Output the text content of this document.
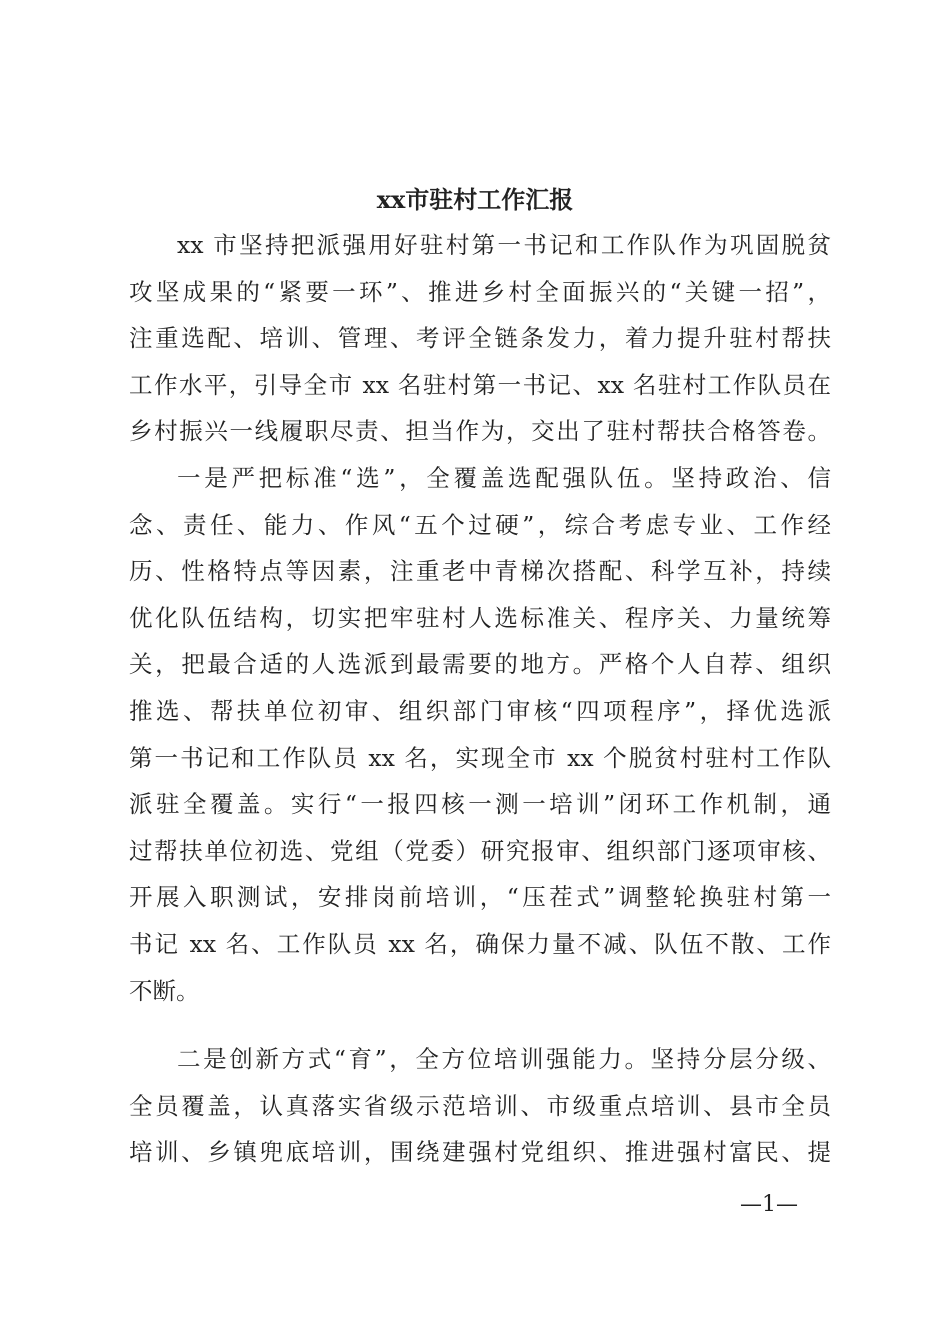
xx市驻村工作汇报
xx 市坚持把派强用好驻村第一书记和工作队作为巩固脱贫
攻坚成果的“紧要一环”、推进乡村全面振兴的“关键一招”，
注重选配、培训、管理、考评全链条发力，着力提升驻村帮扶
工作水平，引导全市 xx 名驻村第一书记、xx 名驻村工作队员在
乡村振兴一线履职尽责、担当作为，交出了驻村帮扶合格答卷。
一是严把标准“选”，全覆盖选配强队伍。坚持政治、信
念、责任、能力、作风“五个过硬”，综合考虑专业、工作经
历、性格特点等因素，注重老中青梯次搭配、科学互补，持续
优化队伍结构，切实把牢驻村人选标准关、程序关、力量统筹
关，把最合适的人选派到最需要的地方。严格个人自荐、组织
推选、帮扶单位初审、组织部门审核“四项程序”，择优选派
第一书记和工作队员 xx 名，实现全市 xx 个脱贫村驻村工作队
派驻全覆盖。实行“一报四核一测一培训”闭环工作机制，通
过帮扶单位初选、党组（党委）研究报审、组织部门逐项审核、
开展入职测试，安排岗前培训，“压茬式”调整轮换驻村第一
书记 xx 名、工作队员 xx 名，确保力量不减、队伍不散、工作
不断。
二是创新方式“育”，全方位培训强能力。坚持分层分级、
全员覆盖，认真落实省级示范培训、市级重点培训、县市全员
培训、乡镇兜底培训，围绕建强村党组织、推进强村富民、提
—1—
